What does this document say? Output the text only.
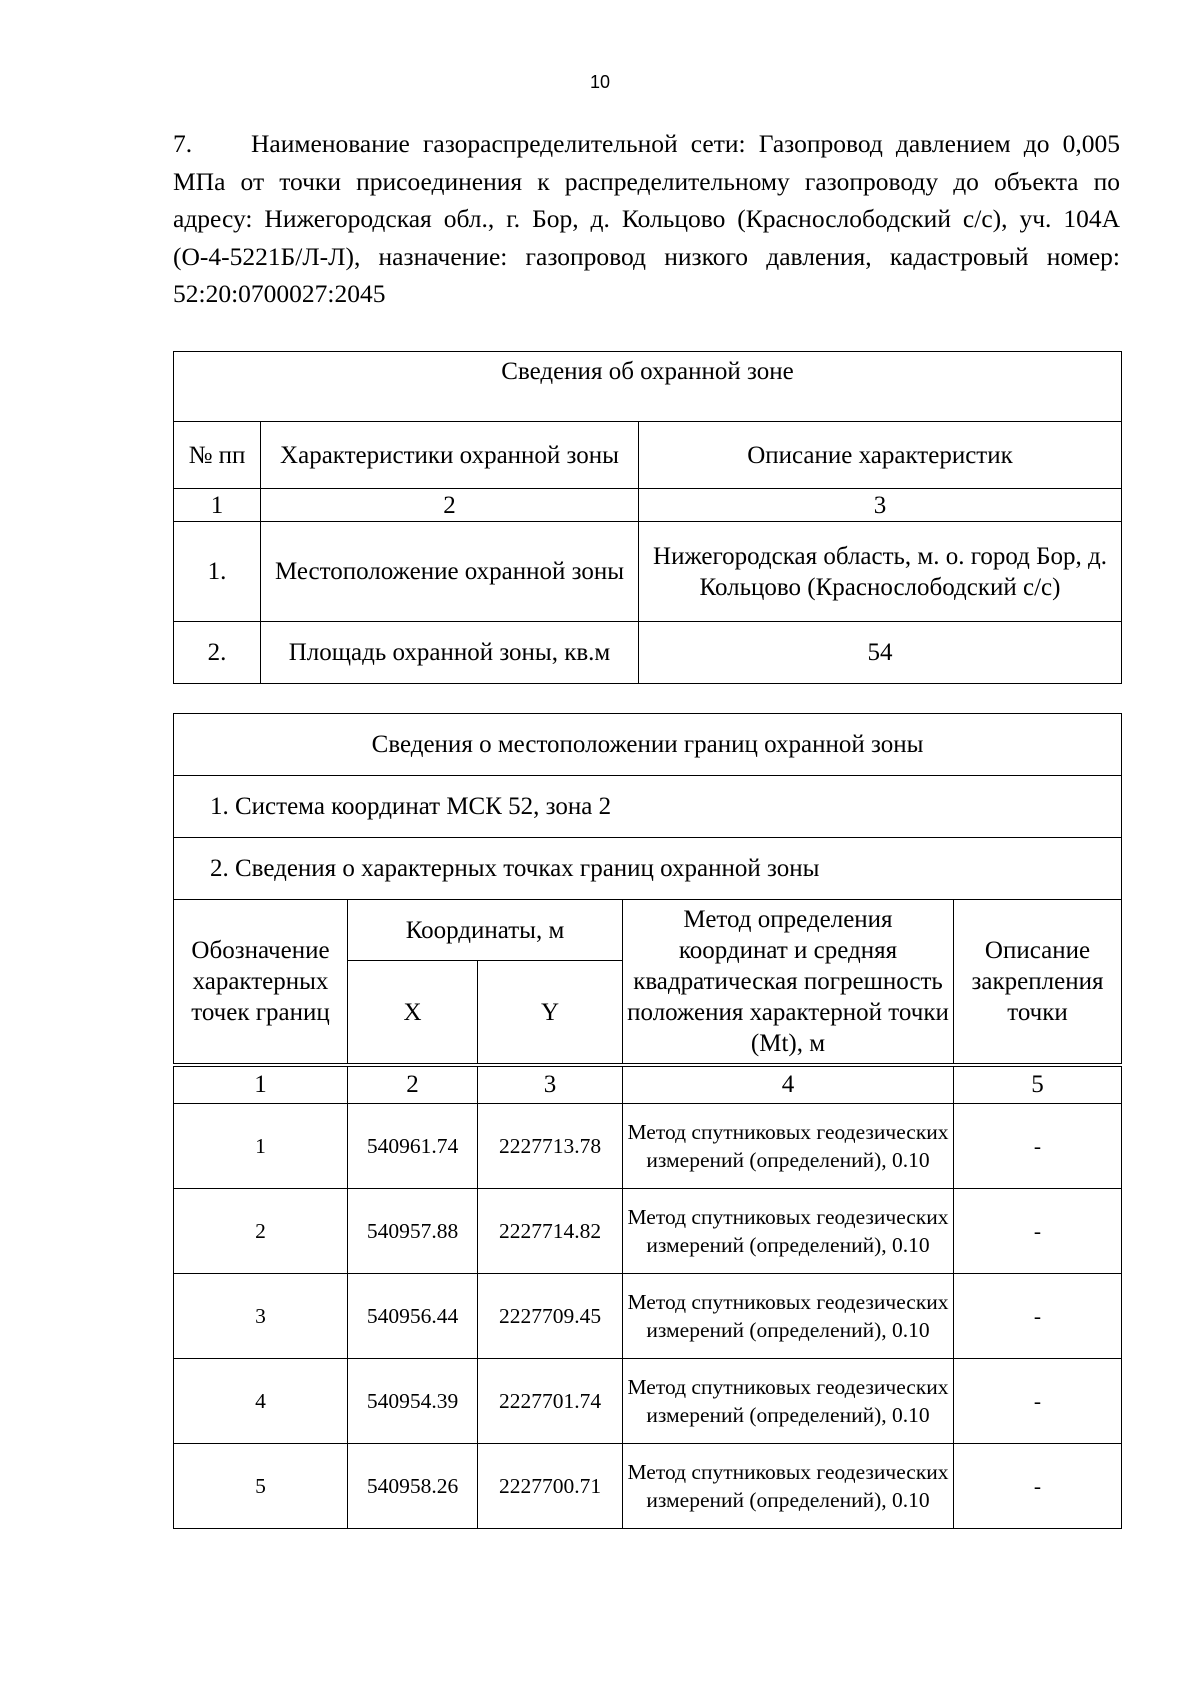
10
7. Наименование газораспределительной сети: Газопровод давлением до 0,005 МПа от точки присоединения к распределительному газопроводу до объекта по адресу: Нижегородская обл., г. Бор, д. Кольцово (Краснослободский с/с), уч. 104А (О-4-5221Б/Л-Л), назначение: газопровод низкого давления, кадастровый номер: 52:20:0700027:2045
Сведения об охранной зоне		
№ пп	Характеристики охранной зоны	Описание характеристик
1	2	3
1.	Местоположение охранной зоны	Нижегородская область, м. о. город Бор, д. Кольцово (Краснослободский с/с)
2.	Площадь охранной зоны, кв.м	54
Сведения о местоположении границ охранной зоны				
1. Система координат МСК 52, зона 2				
2. Сведения о характерных точках границ охранной зоны				
Обозначение характерных точек границ	Координаты, м		Метод определения координат и средняя квадратическая погрешность положения характерной точки (Mt), м	Описание закрепления точки
	X	Y		
1	2	3	4	5
1	540961.74	2227713.78	Метод спутниковых геодезических измерений (определений), 0.10	-
2	540957.88	2227714.82	Метод спутниковых геодезических измерений (определений), 0.10	-
3	540956.44	2227709.45	Метод спутниковых геодезических измерений (определений), 0.10	-
4	540954.39	2227701.74	Метод спутниковых геодезических измерений (определений), 0.10	-
5	540958.26	2227700.71	Метод спутниковых геодезических измерений (определений), 0.10	-
